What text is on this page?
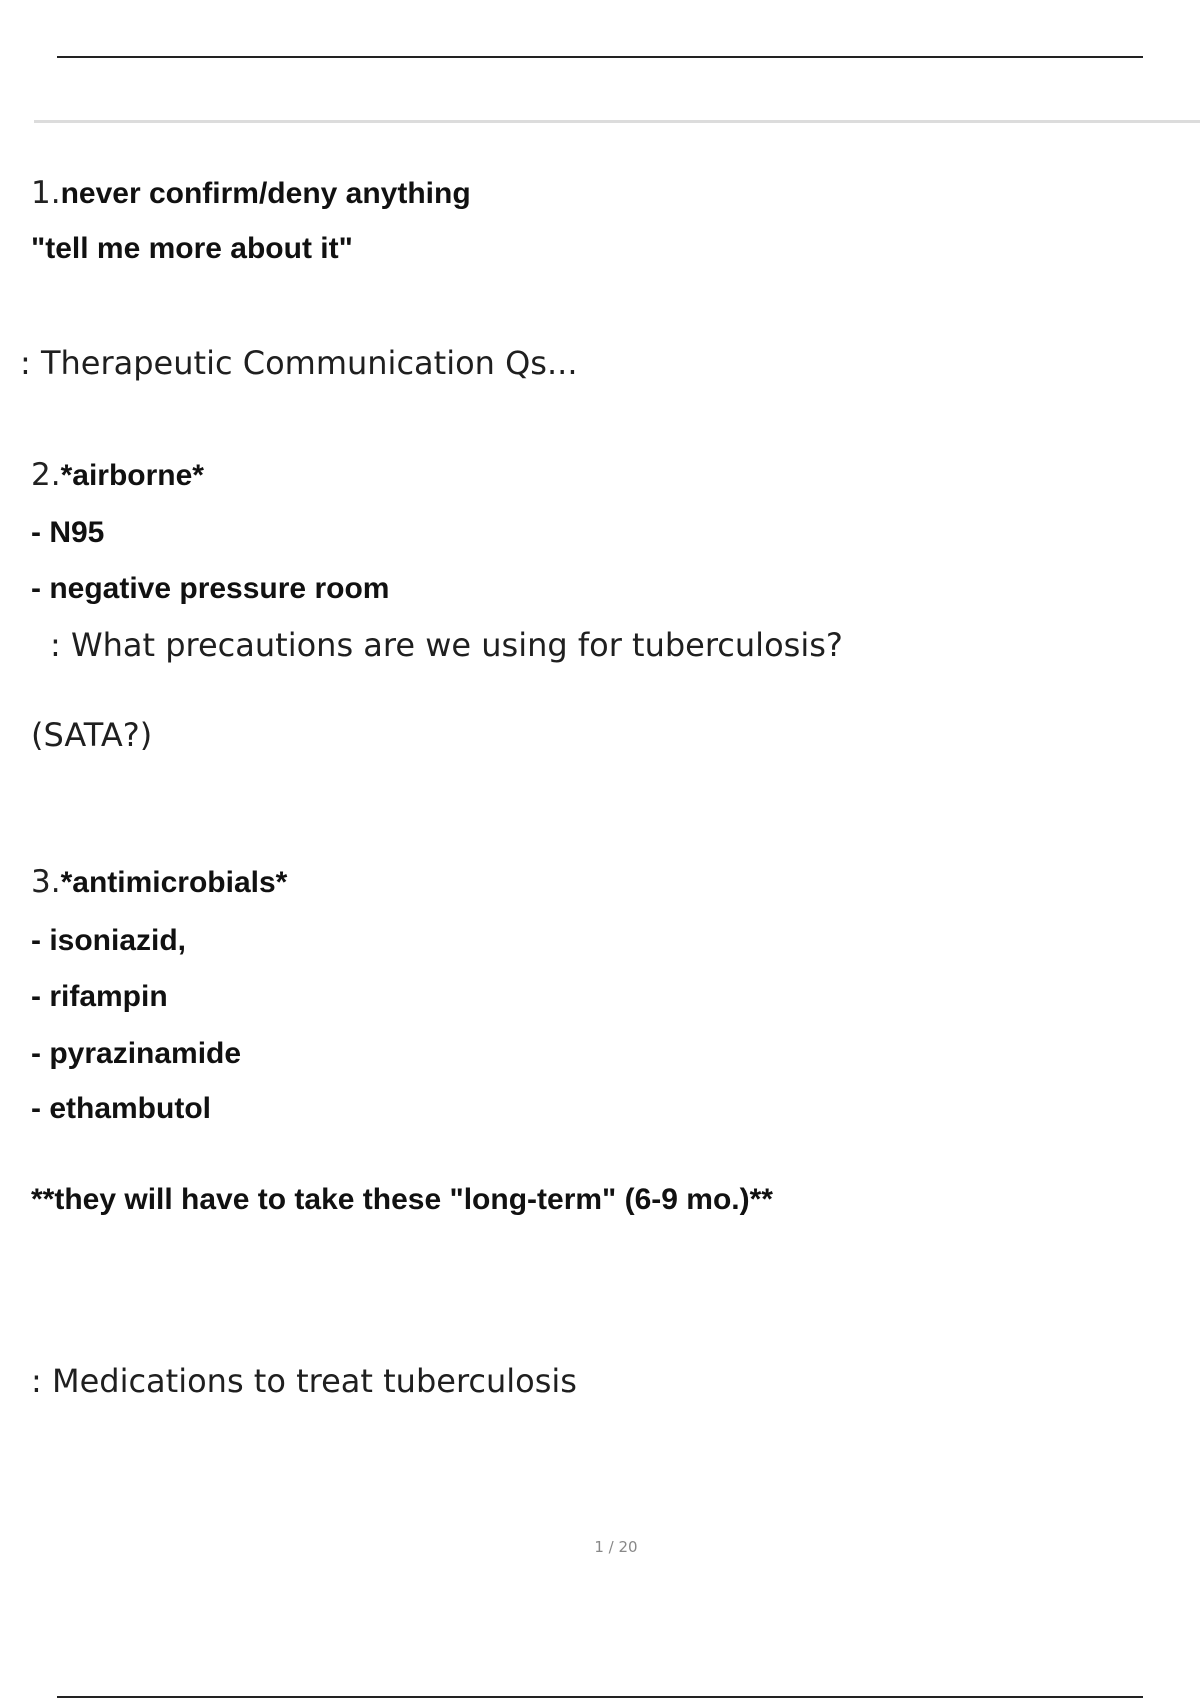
1.never confirm/deny anything
"tell me more about it"
: Therapeutic Communication Qs...
2.*airborne*
- N95
- negative pressure room
: What precautions are we using for tuberculosis?
(SATA?)
3.*antimicrobials*
- isoniazid,
- rifampin
- pyrazinamide
- ethambutol
**they will have to take these "long-term" (6-9 mo.)**
: Medications to treat tuberculosis
1 / 20
